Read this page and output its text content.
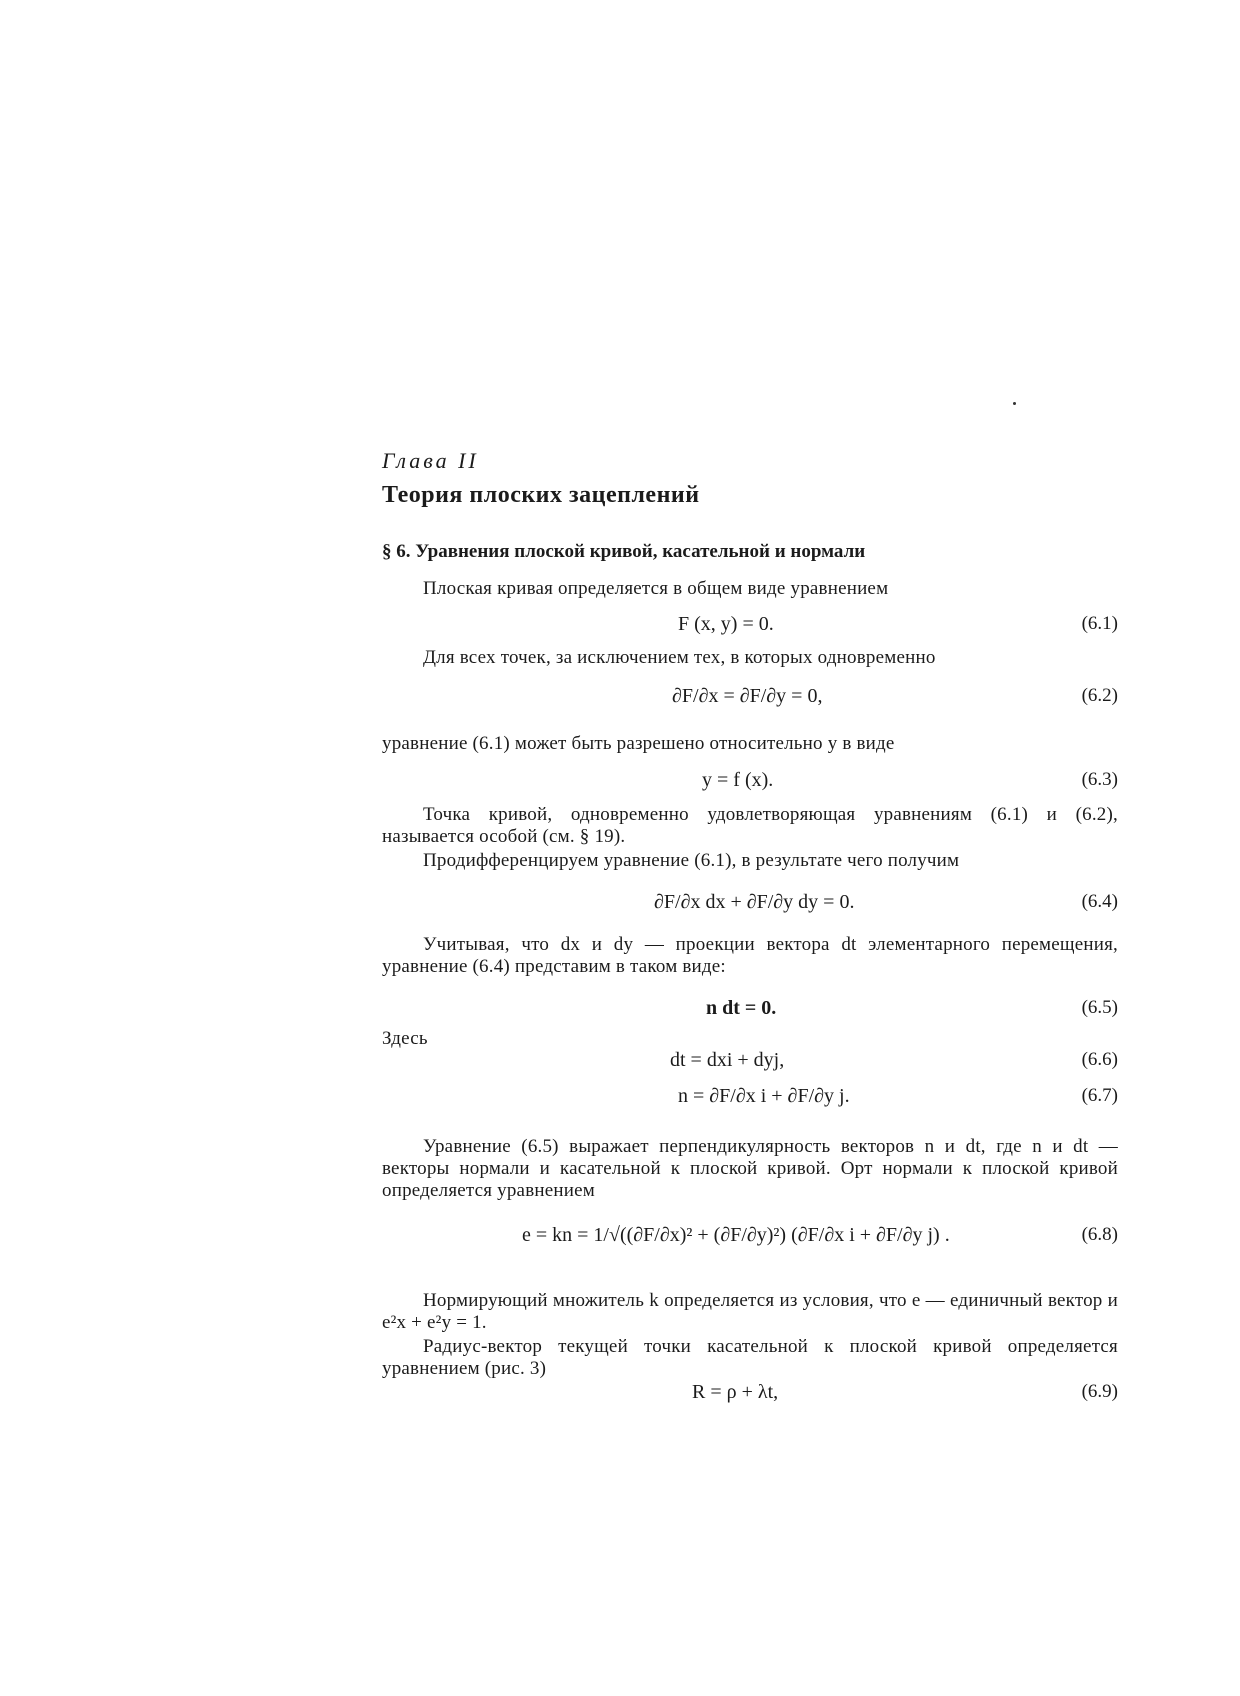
Глава II
Теория плоских зацеплений
§ 6. Уравнения плоской кривой, касательной и нормали
Плоская кривая определяется в общем виде уравнением
F (x, y) = 0.	(6.1)
Для всех точек, за исключением тех, в которых одновременно
∂F/∂x = ∂F/∂y = 0,	(6.2)
уравнение (6.1) может быть разрешено относительно y в виде
y = f (x).	(6.3)
Точка кривой, одновременно удовлетворяющая уравнениям (6.1) и (6.2), называется особой (см. § 19).
Продифференцируем уравнение (6.1), в результате чего получим
∂F/∂x dx + ∂F/∂y dy = 0.	(6.4)
Учитывая, что dx и dy — проекции вектора dt элементарного перемещения, уравнение (6.4) представим в таком виде:
n dt = 0.	(6.5)
Здесь
dt = dxi + dyj,	(6.6)
n = ∂F/∂x i + ∂F/∂y j.	(6.7)
Уравнение (6.5) выражает перпендикулярность векторов n и dt, где n и dt — векторы нормали и касательной к плоской кривой. Орт нормали к плоской кривой определяется уравнением
e = kn = 1/√((∂F/∂x)² + (∂F/∂y)²) (∂F/∂x i + ∂F/∂y j) .	(6.8)
Нормирующий множитель k определяется из условия, что e — единичный вектор и e²x + e²y = 1.
Радиус-вектор текущей точки касательной к плоской кривой определяется уравнением (рис. 3)
R = ρ + λt,	(6.9)
